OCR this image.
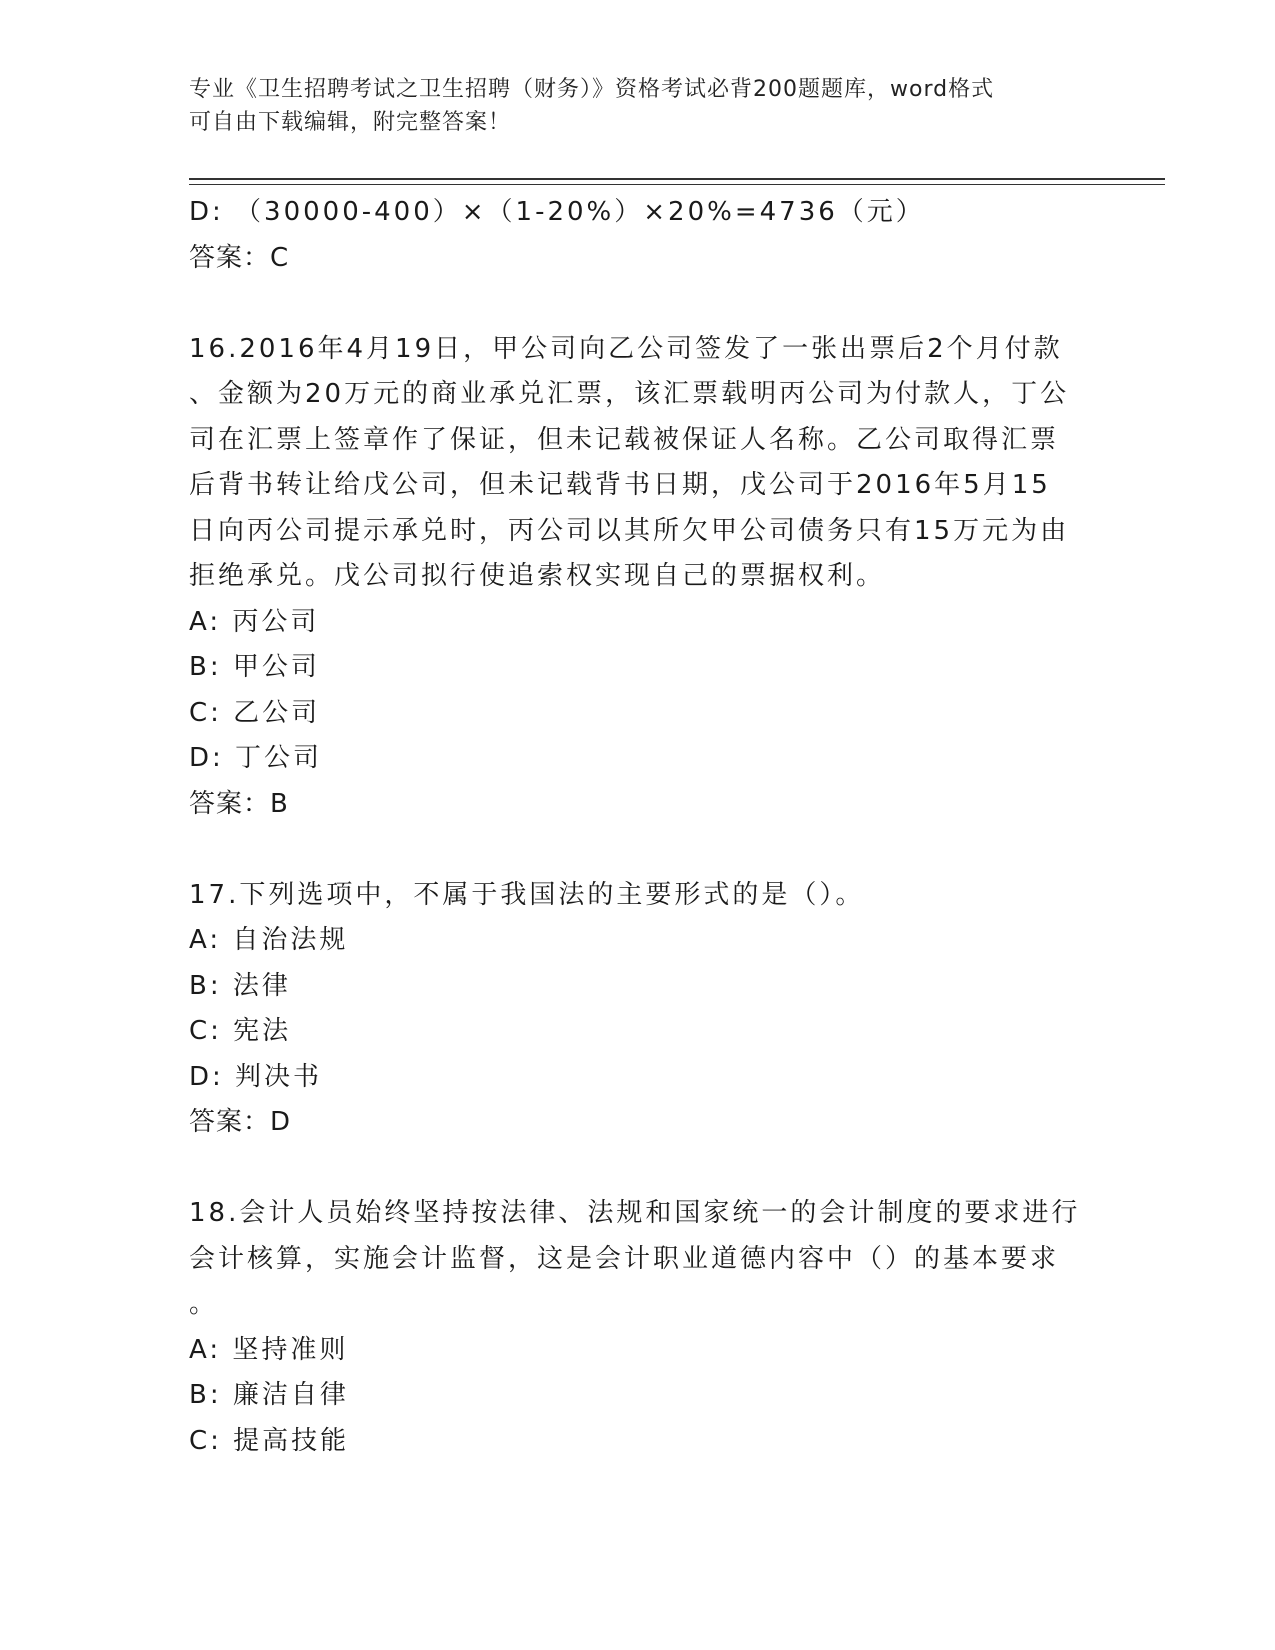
专业《卫生招聘考试之卫生招聘（财务）》资格考试必背200题题库，word格式
可自由下载编辑，附完整答案！
D: （30000-400）×（1-20%）×20%=4736（元）
答案：C
16.2016年4月19日，甲公司向乙公司签发了一张出票后2个月付款
、金额为20万元的商业承兑汇票，该汇票载明丙公司为付款人，丁公
司在汇票上签章作了保证，但未记载被保证人名称。乙公司取得汇票
后背书转让给戊公司，但未记载背书日期，戊公司于2016年5月15
日向丙公司提示承兑时，丙公司以其所欠甲公司债务只有15万元为由
拒绝承兑。戊公司拟行使追索权实现自己的票据权利。
A: 丙公司
B: 甲公司
C: 乙公司
D: 丁公司
答案：B
17.下列选项中，不属于我国法的主要形式的是（）。
A: 自治法规
B: 法律
C: 宪法
D: 判决书
答案：D
18.会计人员始终坚持按法律、法规和国家统一的会计制度的要求进行
会计核算，实施会计监督，这是会计职业道德内容中（）的基本要求
。
A: 坚持准则
B: 廉洁自律
C: 提高技能
